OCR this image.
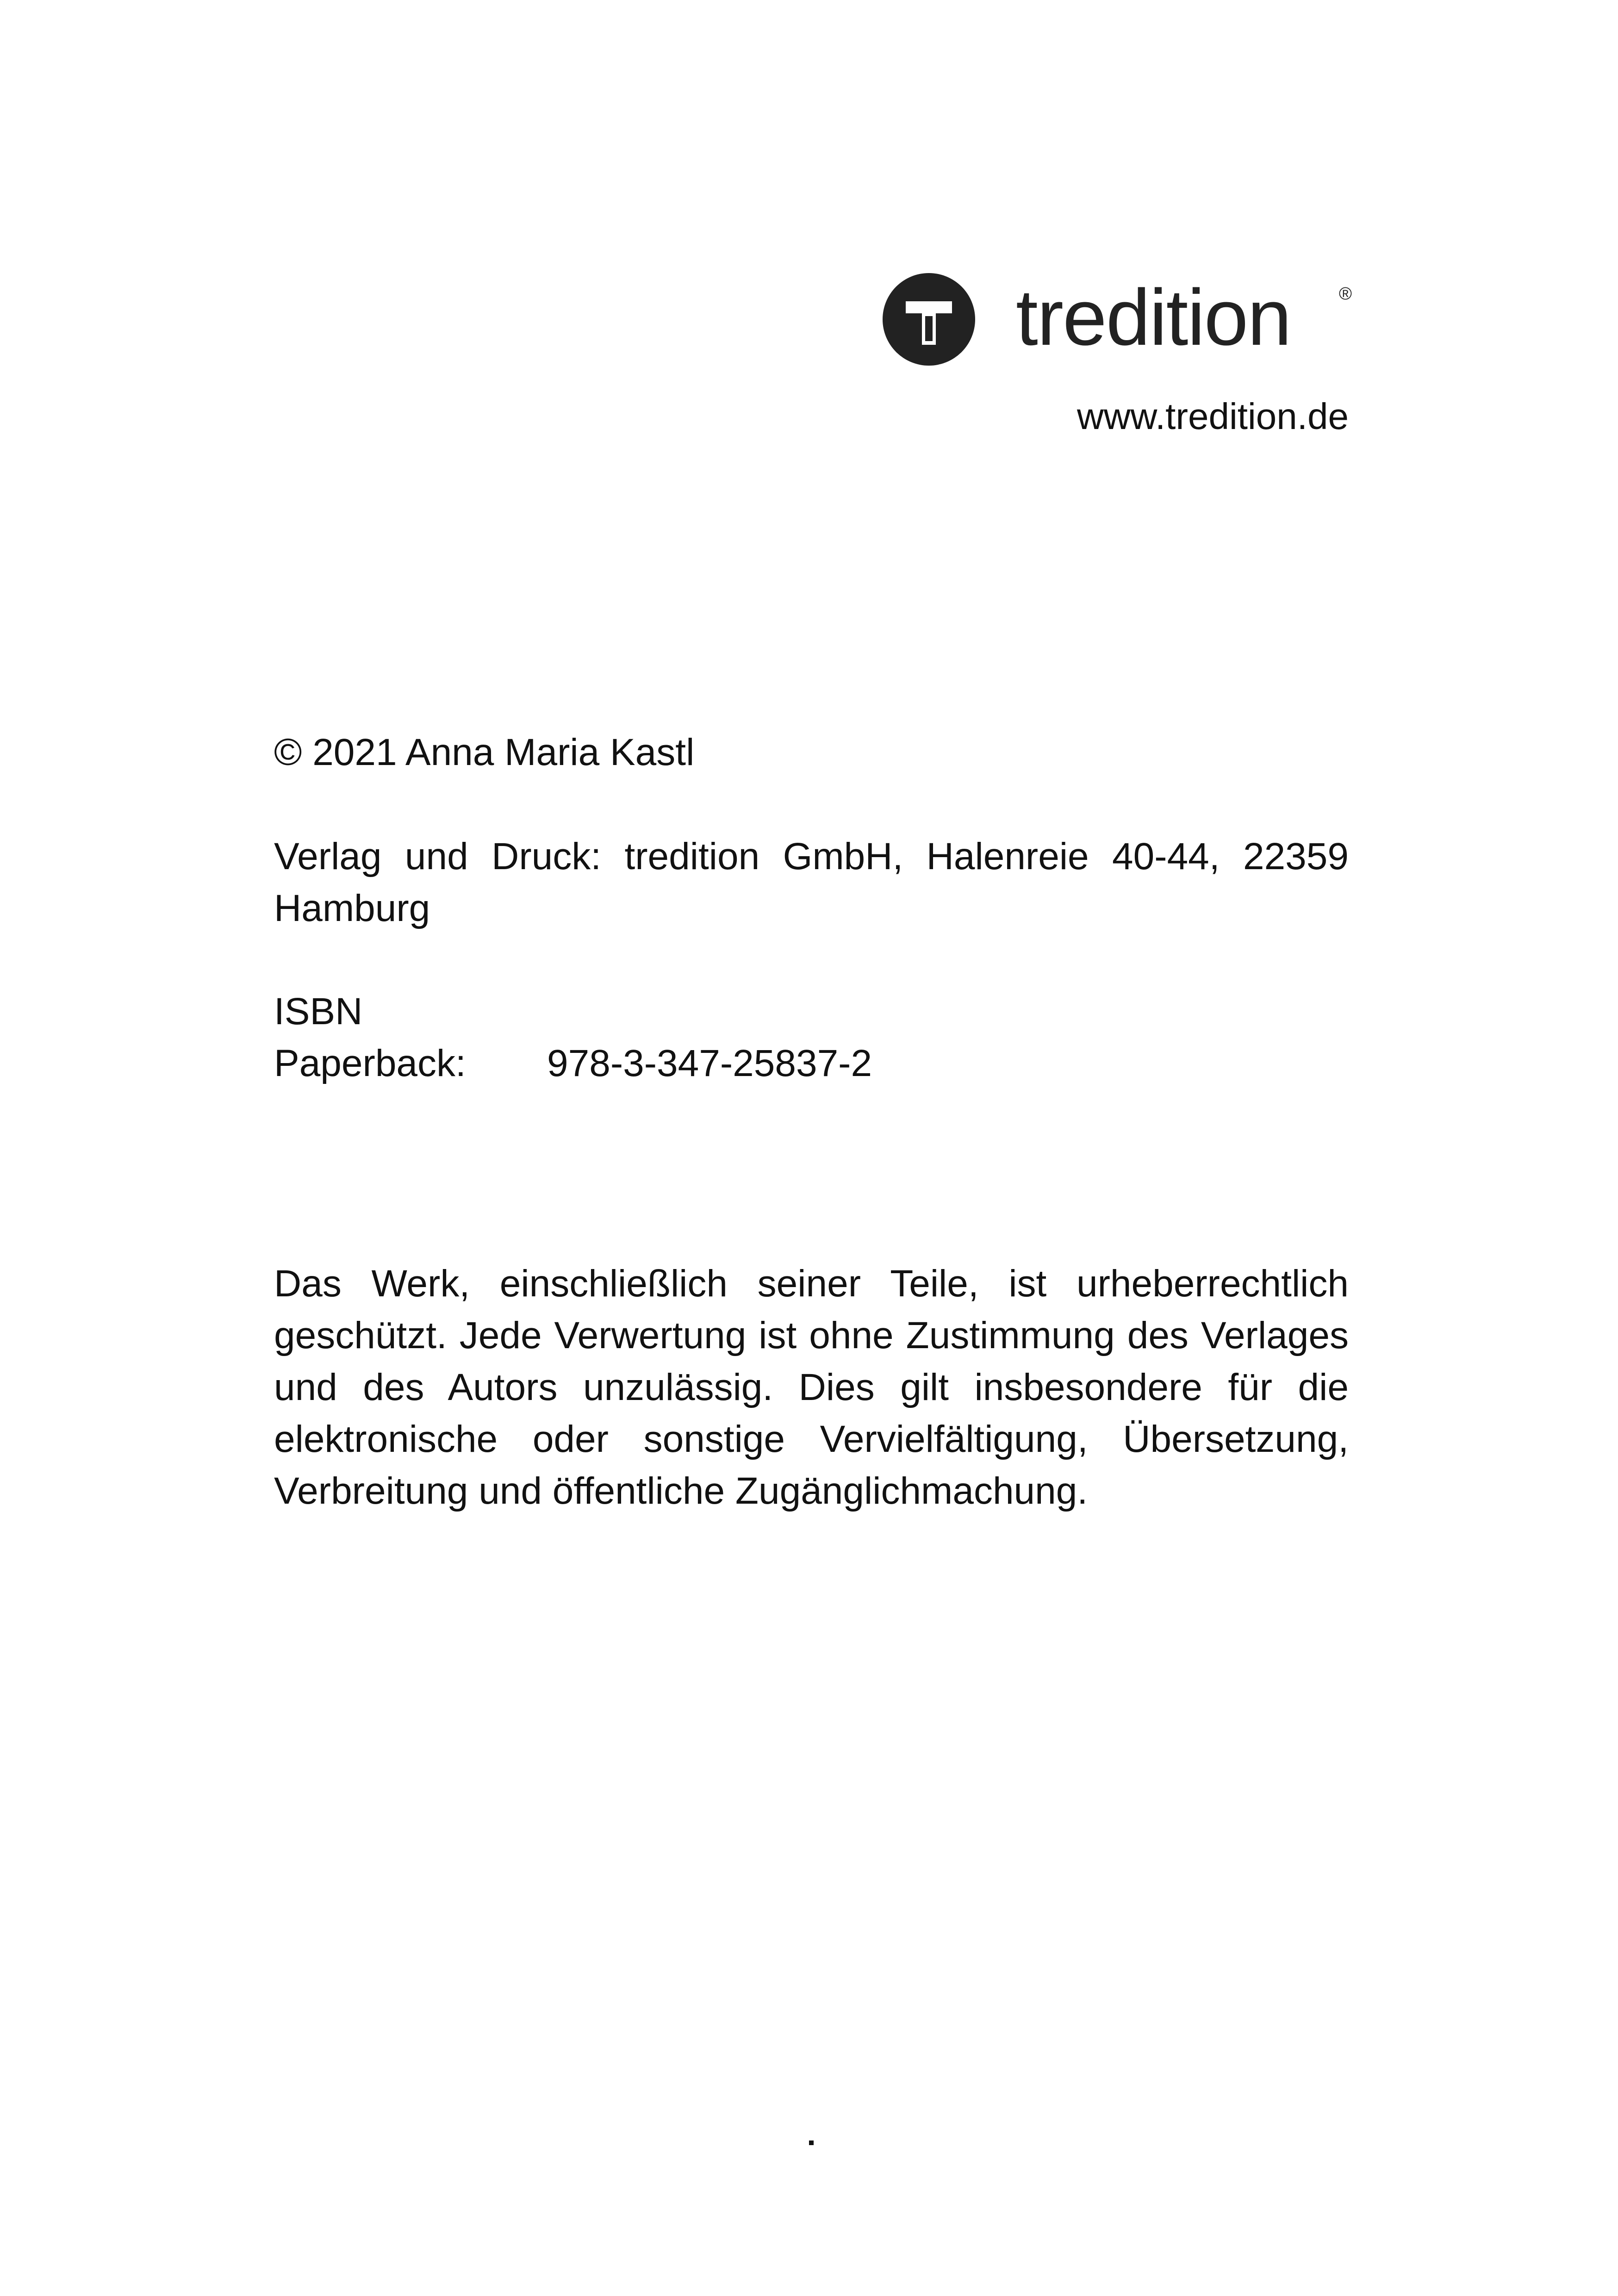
tredition	®
www.tredition.de
© 2021 Anna Maria Kastl
Verlag und Druck: tredition GmbH, Halenreie 40-44, 22359 Hamburg
ISBN
Paperback:	978-3-347-25837-2
Das Werk, einschließlich seiner Teile, ist urheberrechtlich geschützt. Jede Verwertung ist ohne Zustimmung des Verlages und des Autors unzulässig. Dies gilt insbesondere für die elektronische oder sonstige Vervielfältigung, Übersetzung, Verbreitung und öffentliche Zugänglichmachung.
